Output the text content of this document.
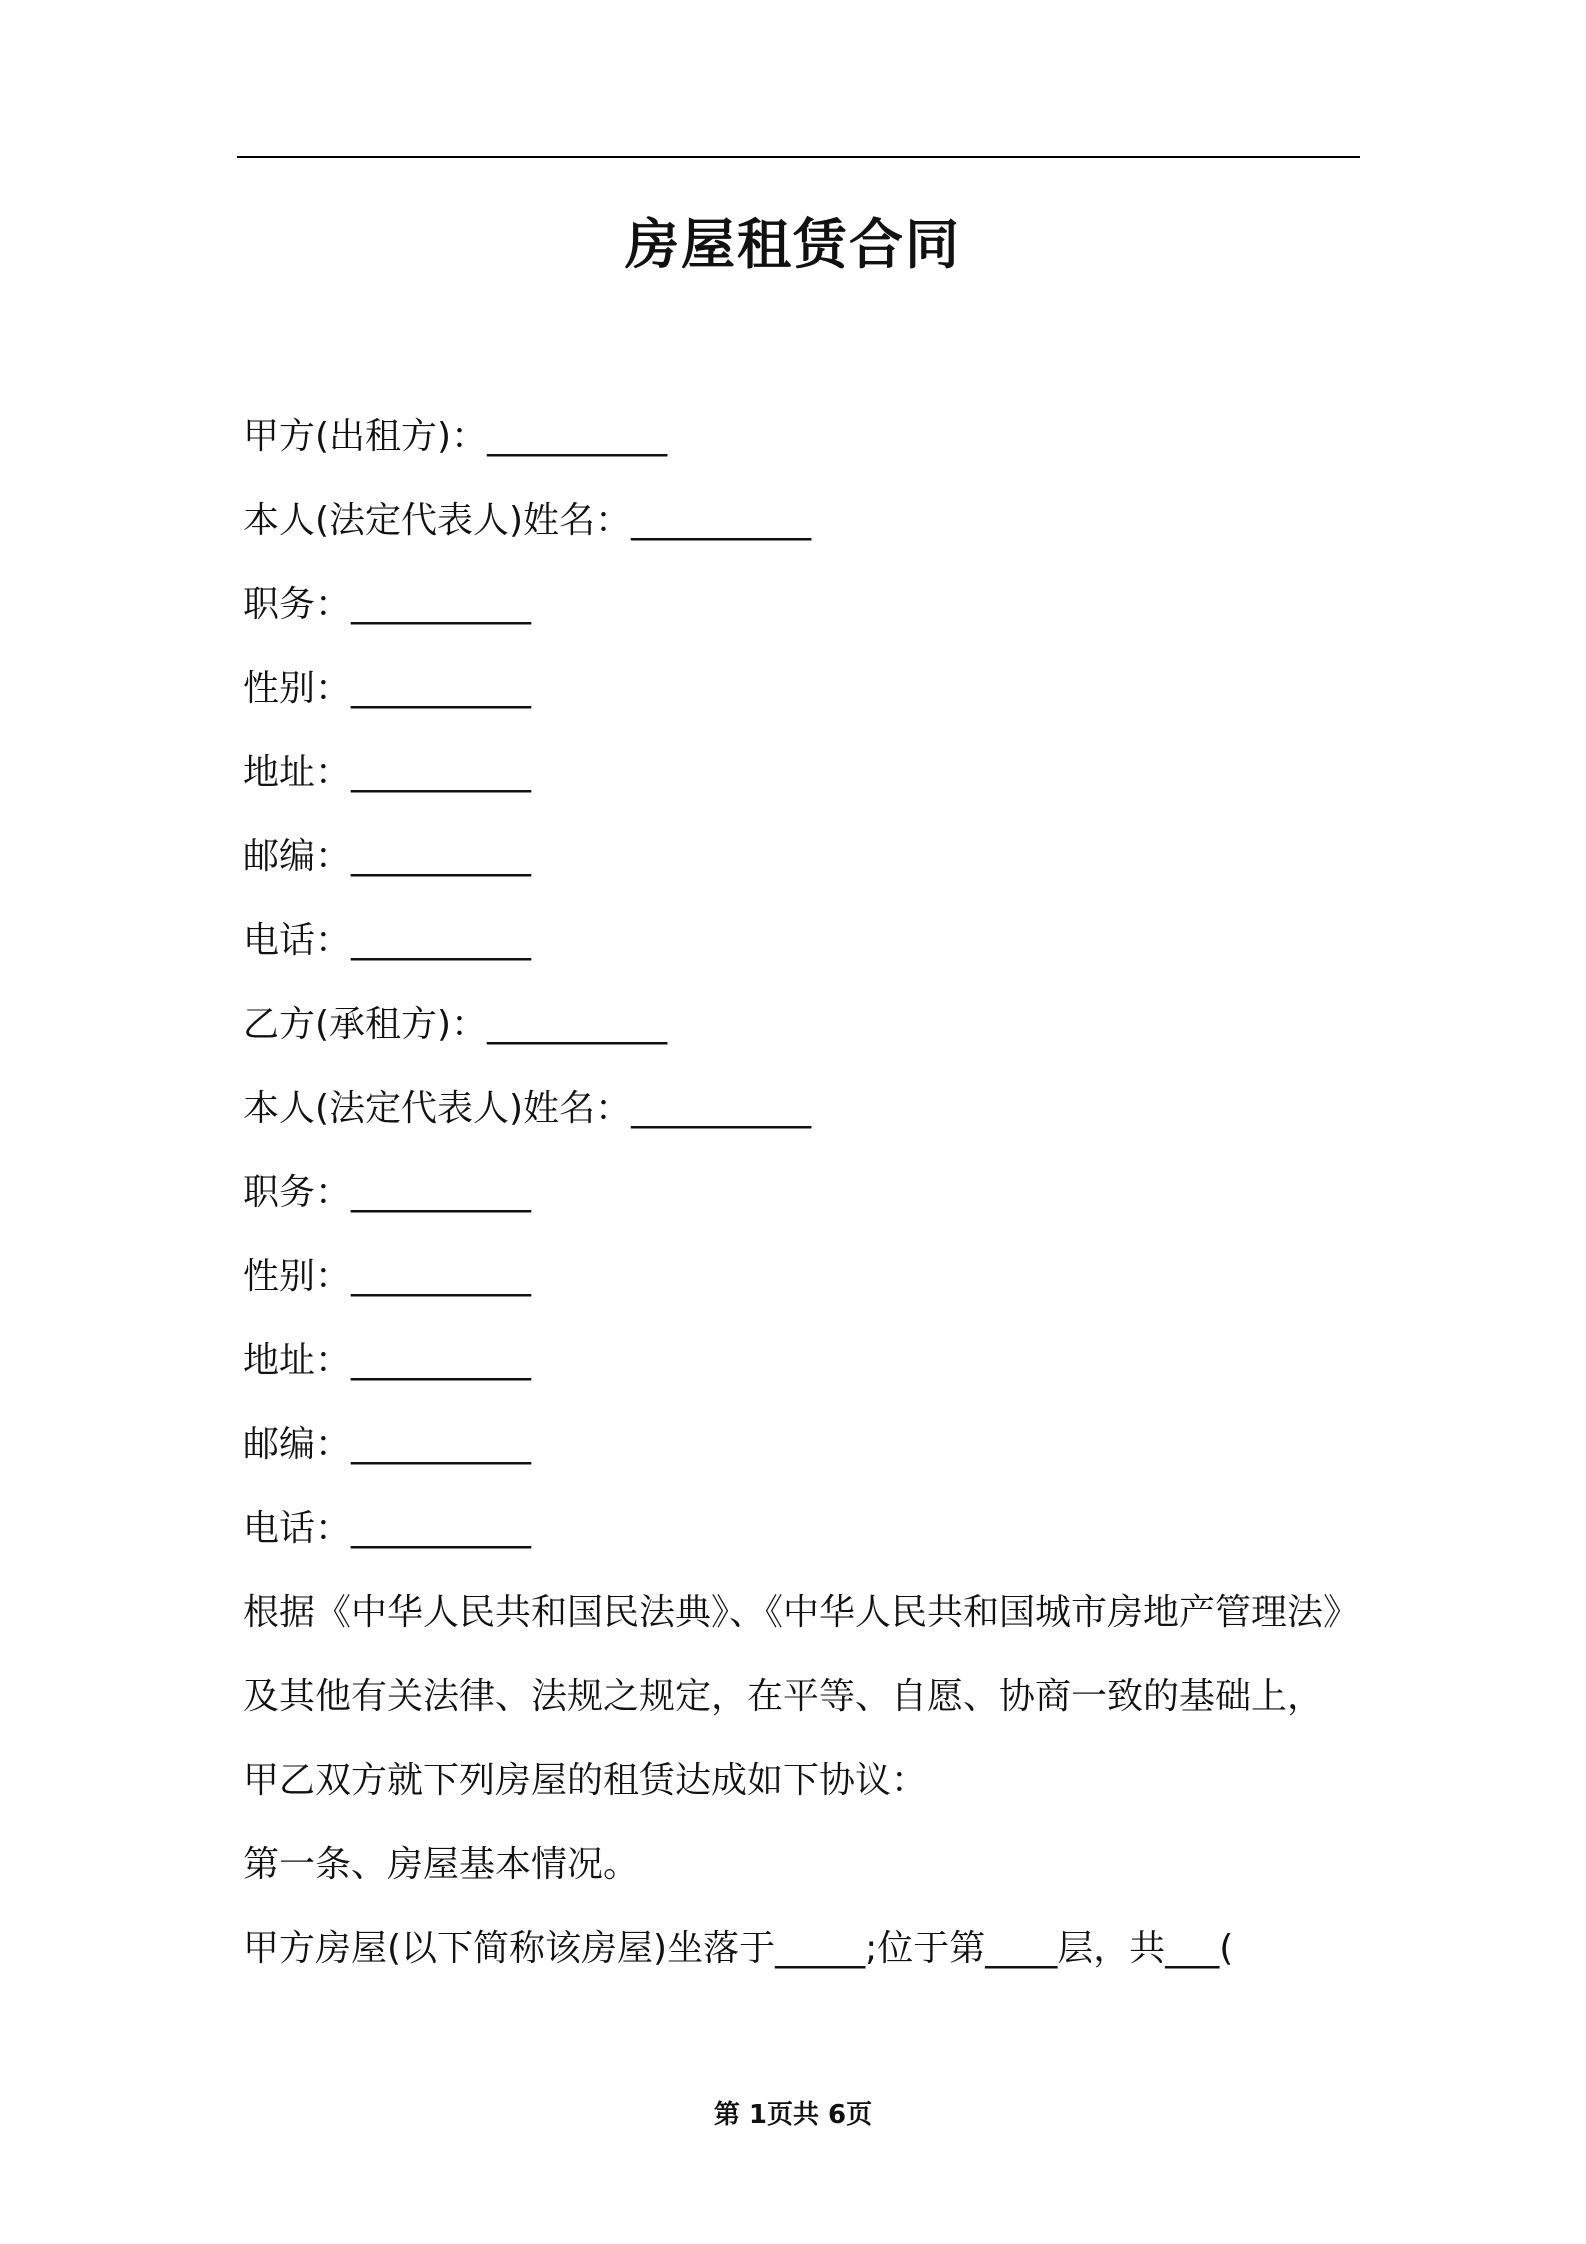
房屋租赁合同
甲方(出租方)：__________
本人(法定代表人)姓名：__________
职务：__________
性别：__________
地址：__________
邮编：__________
电话：__________
乙方(承租方)：__________
本人(法定代表人)姓名：__________
职务：__________
性别：__________
地址：__________
邮编：__________
电话：__________
根据《中华人民共和国民法典》、《中华人民共和国城市房地产管理法》
及其他有关法律、法规之规定，在平等、自愿、协商一致的基础上，
甲乙双方就下列房屋的租赁达成如下协议：
第一条、房屋基本情况。
甲方房屋(以下简称该房屋)坐落于_____;位于第____层，共___(
第 1页共 6页
